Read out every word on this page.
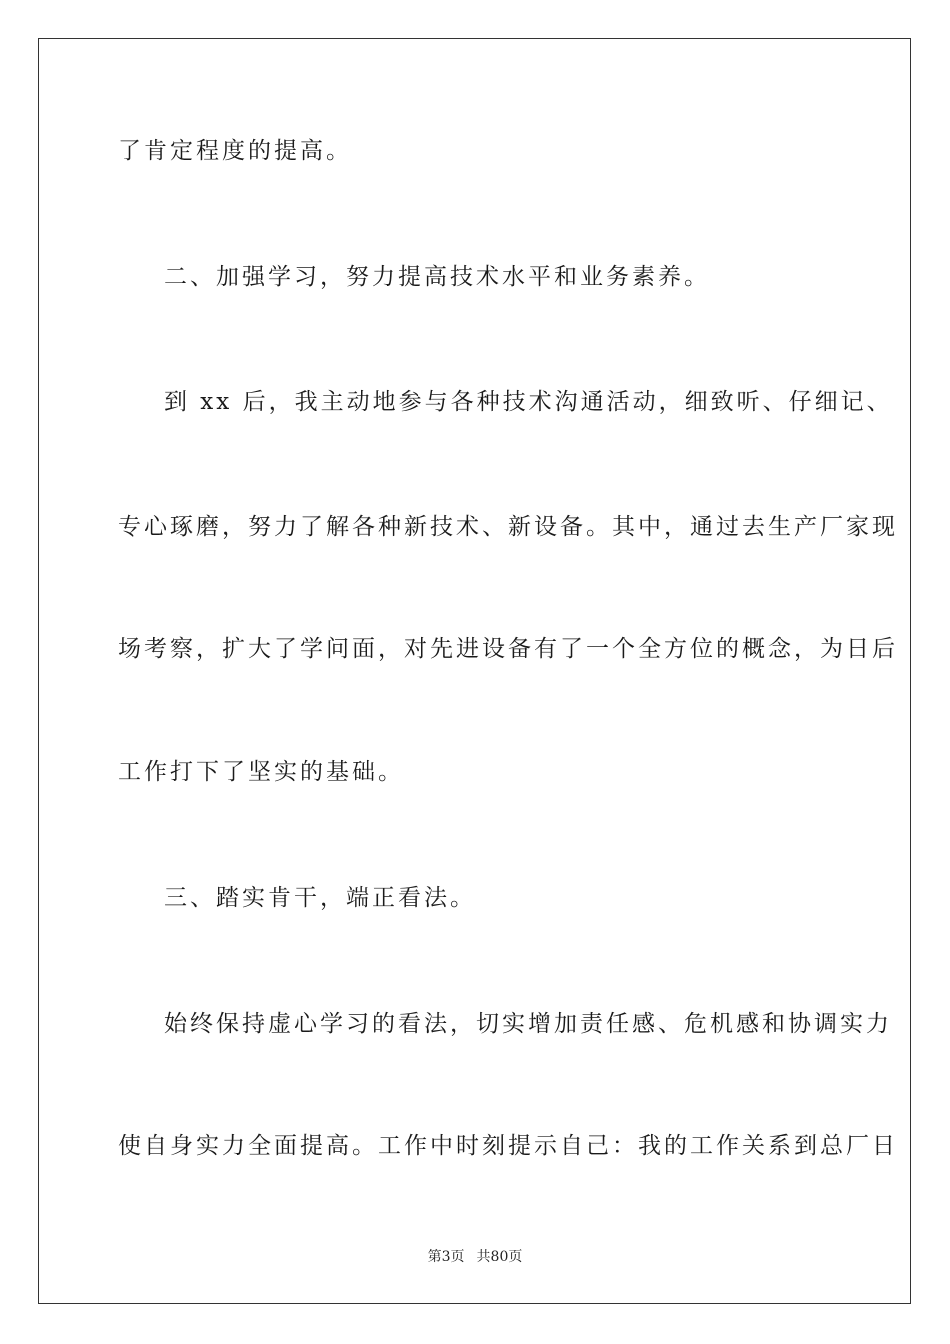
了肯定程度的提高。
二、加强学习，努力提高技术水平和业务素养。
到 xx 后，我主动地参与各种技术沟通活动，细致听、仔细记、
专心琢磨，努力了解各种新技术、新设备。其中，通过去生产厂家现
场考察，扩大了学问面，对先进设备有了一个全方位的概念，为日后
工作打下了坚实的基础。
三、踏实肯干，端正看法。
始终保持虚心学习的看法，切实增加责任感、危机感和协调实力
使自身实力全面提高。工作中时刻提示自己：我的工作关系到总厂日
第3页 共80页
